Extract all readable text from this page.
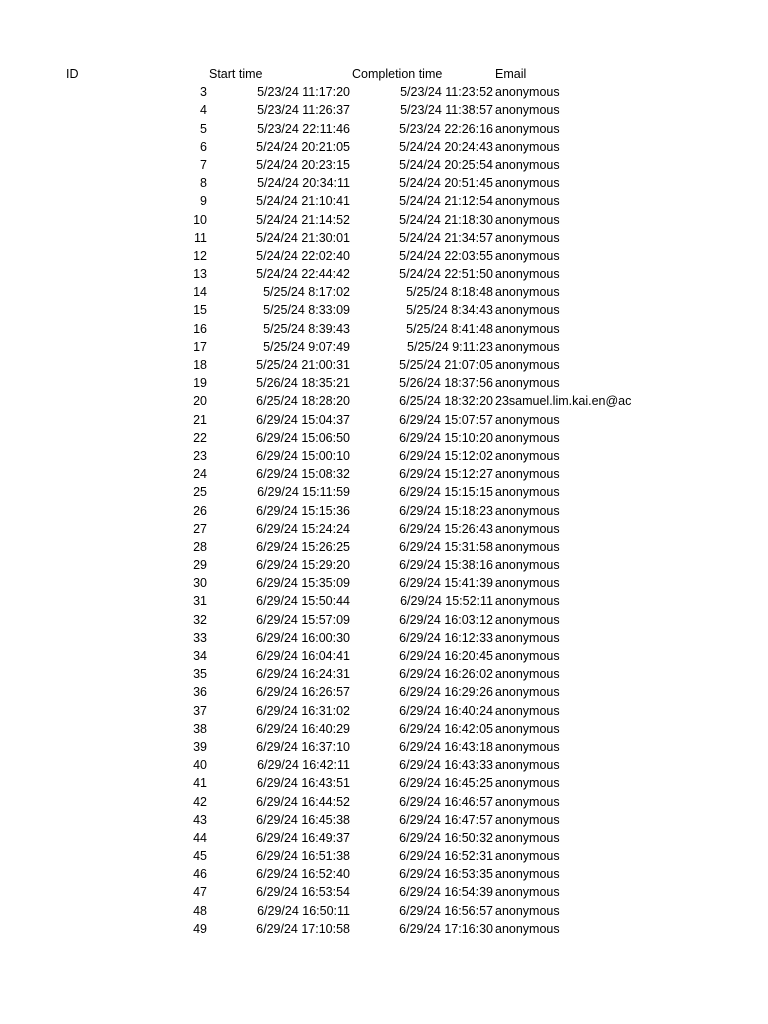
ID	Start time	Completion time	Email
3	5/23/24 11:17:20	5/23/24 11:23:52 anonymous
4	5/23/24 11:26:37	5/23/24 11:38:57 anonymous
5	5/23/24 22:11:46	5/23/24 22:26:16 anonymous
6	5/24/24 20:21:05	5/24/24 20:24:43 anonymous
7	5/24/24 20:23:15	5/24/24 20:25:54 anonymous
8	5/24/24 20:34:11	5/24/24 20:51:45 anonymous
9	5/24/24 21:10:41	5/24/24 21:12:54 anonymous
10	5/24/24 21:14:52	5/24/24 21:18:30 anonymous
11	5/24/24 21:30:01	5/24/24 21:34:57 anonymous
12	5/24/24 22:02:40	5/24/24 22:03:55 anonymous
13	5/24/24 22:44:42	5/24/24 22:51:50 anonymous
14	5/25/24 8:17:02	5/25/24 8:18:48 anonymous
15	5/25/24 8:33:09	5/25/24 8:34:43 anonymous
16	5/25/24 8:39:43	5/25/24 8:41:48 anonymous
17	5/25/24 9:07:49	5/25/24 9:11:23 anonymous
18	5/25/24 21:00:31	5/25/24 21:07:05 anonymous
19	5/26/24 18:35:21	5/26/24 18:37:56 anonymous
20	6/25/24 18:28:20	6/25/24 18:32:20 23samuel.lim.kai.en@ac
21	6/29/24 15:04:37	6/29/24 15:07:57 anonymous
22	6/29/24 15:06:50	6/29/24 15:10:20 anonymous
23	6/29/24 15:00:10	6/29/24 15:12:02 anonymous
24	6/29/24 15:08:32	6/29/24 15:12:27 anonymous
25	6/29/24 15:11:59	6/29/24 15:15:15 anonymous
26	6/29/24 15:15:36	6/29/24 15:18:23 anonymous
27	6/29/24 15:24:24	6/29/24 15:26:43 anonymous
28	6/29/24 15:26:25	6/29/24 15:31:58 anonymous
29	6/29/24 15:29:20	6/29/24 15:38:16 anonymous
30	6/29/24 15:35:09	6/29/24 15:41:39 anonymous
31	6/29/24 15:50:44	6/29/24 15:52:11 anonymous
32	6/29/24 15:57:09	6/29/24 16:03:12 anonymous
33	6/29/24 16:00:30	6/29/24 16:12:33 anonymous
34	6/29/24 16:04:41	6/29/24 16:20:45 anonymous
35	6/29/24 16:24:31	6/29/24 16:26:02 anonymous
36	6/29/24 16:26:57	6/29/24 16:29:26 anonymous
37	6/29/24 16:31:02	6/29/24 16:40:24 anonymous
38	6/29/24 16:40:29	6/29/24 16:42:05 anonymous
39	6/29/24 16:37:10	6/29/24 16:43:18 anonymous
40	6/29/24 16:42:11	6/29/24 16:43:33 anonymous
41	6/29/24 16:43:51	6/29/24 16:45:25 anonymous
42	6/29/24 16:44:52	6/29/24 16:46:57 anonymous
43	6/29/24 16:45:38	6/29/24 16:47:57 anonymous
44	6/29/24 16:49:37	6/29/24 16:50:32 anonymous
45	6/29/24 16:51:38	6/29/24 16:52:31 anonymous
46	6/29/24 16:52:40	6/29/24 16:53:35 anonymous
47	6/29/24 16:53:54	6/29/24 16:54:39 anonymous
48	6/29/24 16:50:11	6/29/24 16:56:57 anonymous
49	6/29/24 17:10:58	6/29/24 17:16:30 anonymous
